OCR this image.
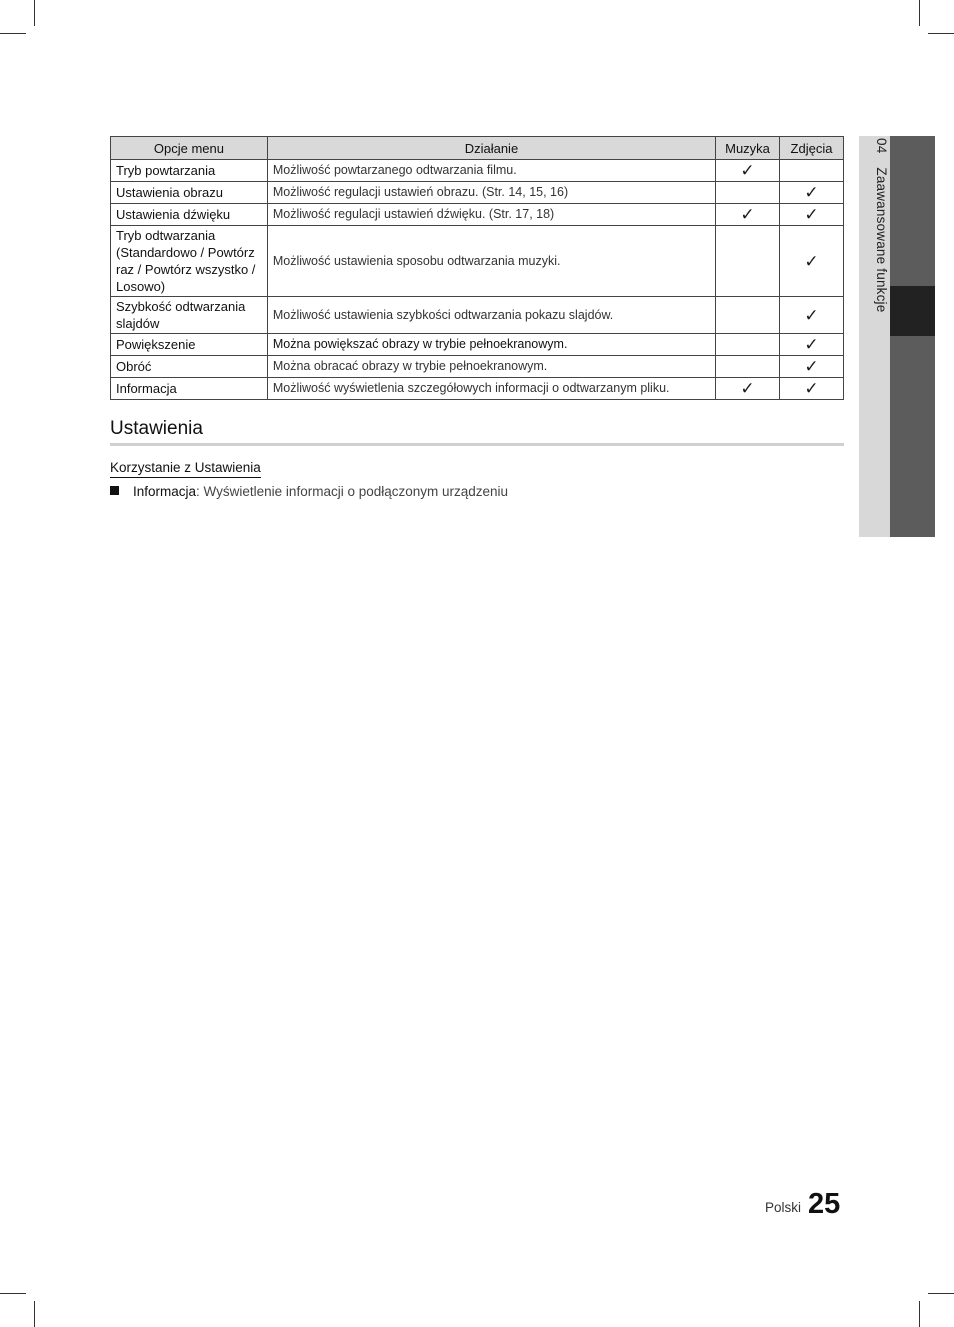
04 Zaawansowane funkcje
Opcje menu	Działanie	Muzyka	Zdjęcia
Tryb powtarzania	Możliwość powtarzanego odtwarzania filmu.	✓	
Ustawienia obrazu	Możliwość regulacji ustawień obrazu. (Str. 14, 15, 16)		✓
Ustawienia dźwięku	Możliwość regulacji ustawień dźwięku. (Str. 17, 18)	✓	✓
Tryb odtwarzania (Standardowo / Powtórz raz / Powtórz wszystko / Losowo)	Możliwość ustawienia sposobu odtwarzania muzyki.		✓
Szybkość odtwarzania slajdów	Możliwość ustawienia szybkości odtwarzania pokazu slajdów.		✓
Powiększenie	Można powiększać obrazy w trybie pełnoekranowym.		✓
Obróć	Można obracać obrazy w trybie pełnoekranowym.		✓
Informacja	Możliwość wyświetlenia szczegółowych informacji o odtwarzanym pliku.	✓	✓
Ustawienia
Korzystanie z Ustawienia
Informacja: Wyświetlenie informacji o podłączonym urządzeniu
Polski 25
